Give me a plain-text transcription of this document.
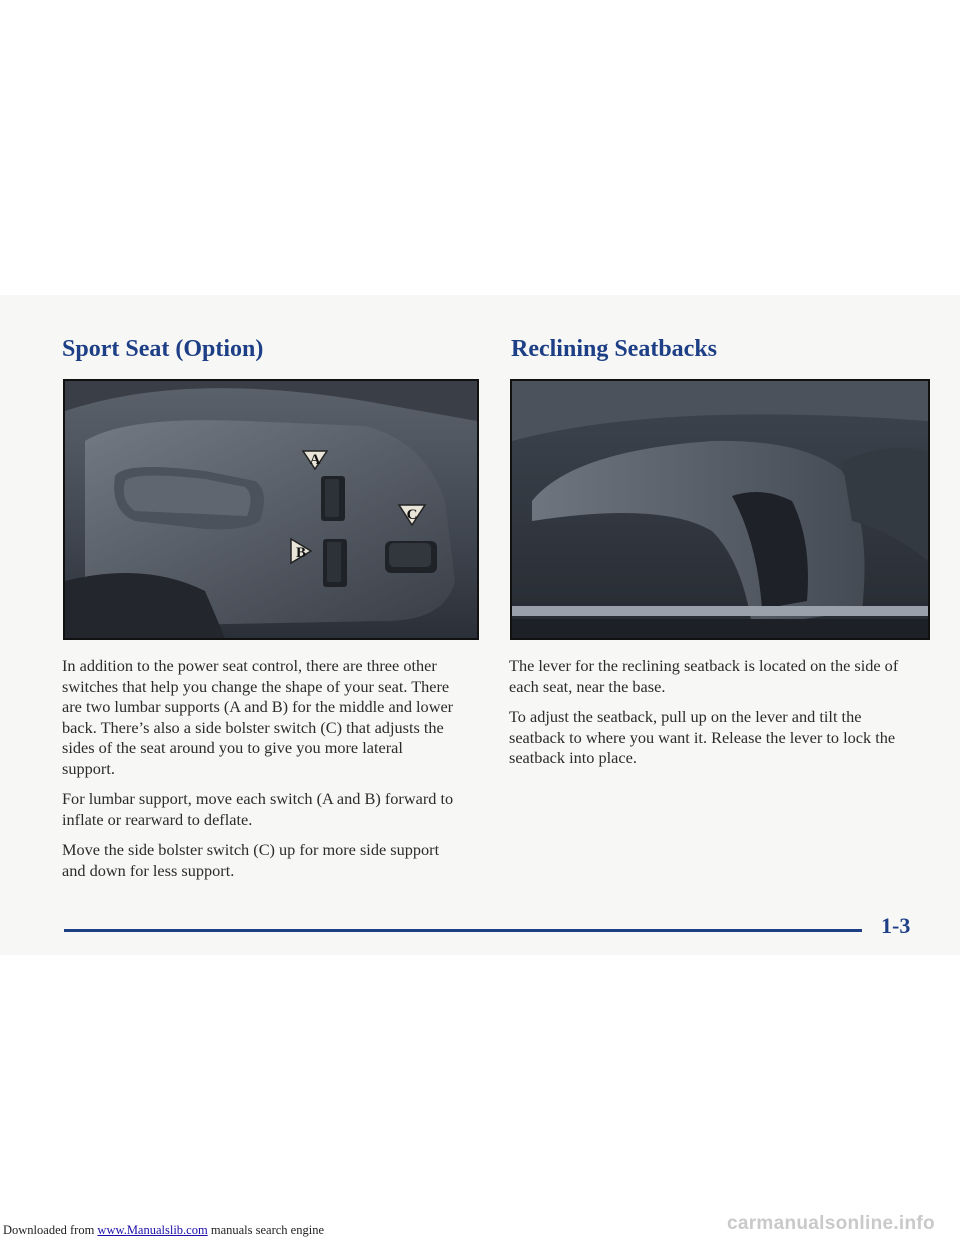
Sport Seat (Option)	Reclining Seatbacks
A
B
C

In addition to the power seat control, there are three other switches that help you change the shape of your seat. There are two lumbar supports (A and B) for the middle and lower back. There’s also a side bolster switch (C) that adjusts the sides of the seat around you to give you more lateral support.

For lumbar support, move each switch (A and B) forward to inflate or rearward to deflate.

Move the side bolster switch (C) up for more side support and down for less support.

The lever for the reclining seatback is located on the side of each seat, near the base.

To adjust the seatback, pull up on the lever and tilt the seatback to where you want it. Release the lever to lock the seatback into place.

1-3
Downloaded from www.Manualslib.com manuals search engine	carmanualsonline.info
